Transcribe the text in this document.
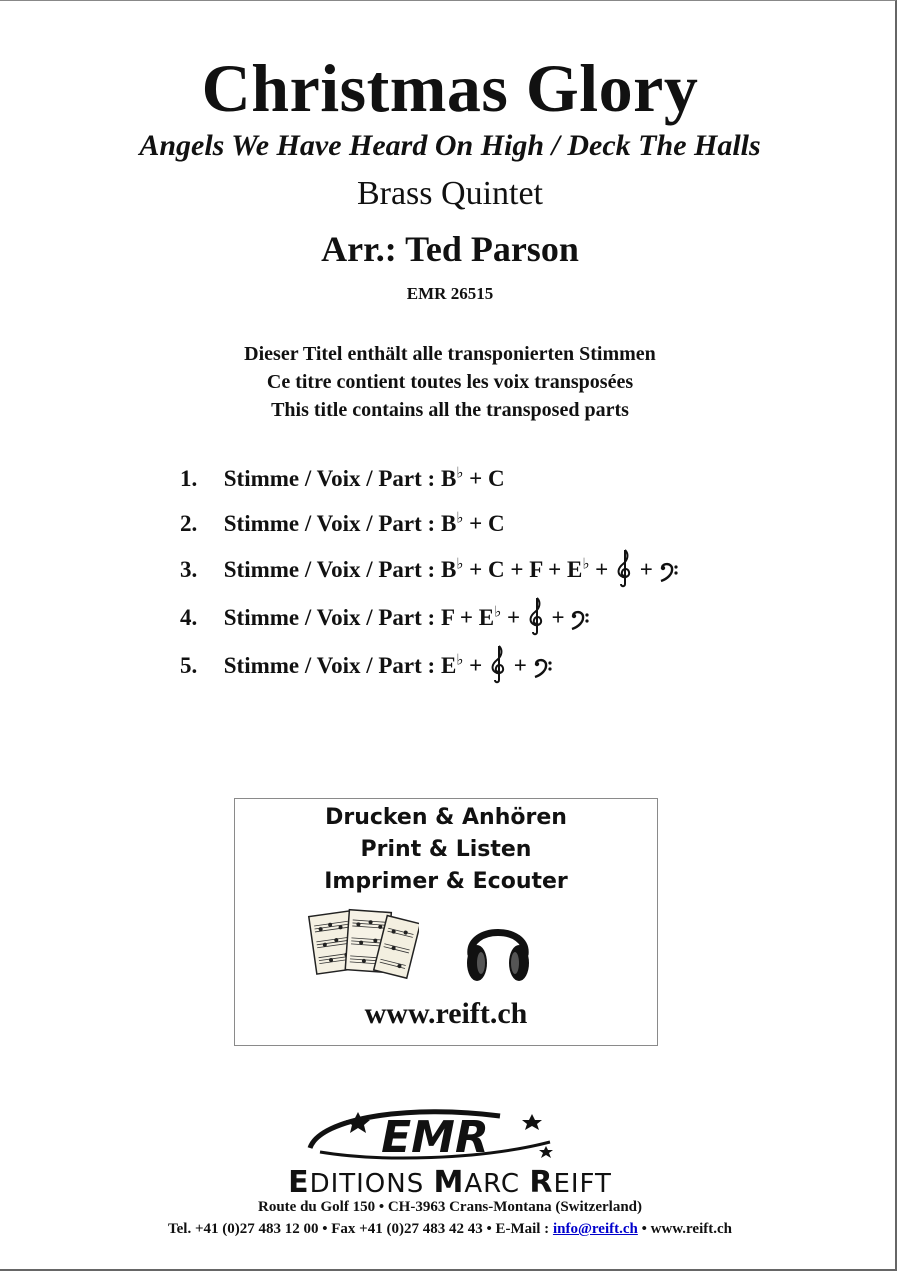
Christmas Glory
Angels We Have Heard On High / Deck The Halls
Brass Quintet
Arr.: Ted Parson
EMR 26515
Dieser Titel enthält alle transponierten Stimmen
Ce titre contient toutes les voix transposées
This title contains all the transposed parts
1. Stimme / Voix / Part : B♭ + C
2. Stimme / Voix / Part : B♭ + C
3. Stimme / Voix / Part : B♭ + C + F + E♭ +  +
4. Stimme / Voix / Part : F + E♭ +  +
5. Stimme / Voix / Part : E♭ +  +
Drucken & Anhören
Print & Listen
Imprimer & Ecouter
www.reift.ch
EMR
EDITIONS MARC REIFT
Route du Golf 150 • CH-3963 Crans-Montana (Switzerland)
Tel. +41 (0)27 483 12 00 • Fax +41 (0)27 483 42 43 • E-Mail : info@reift.ch • www.reift.ch
